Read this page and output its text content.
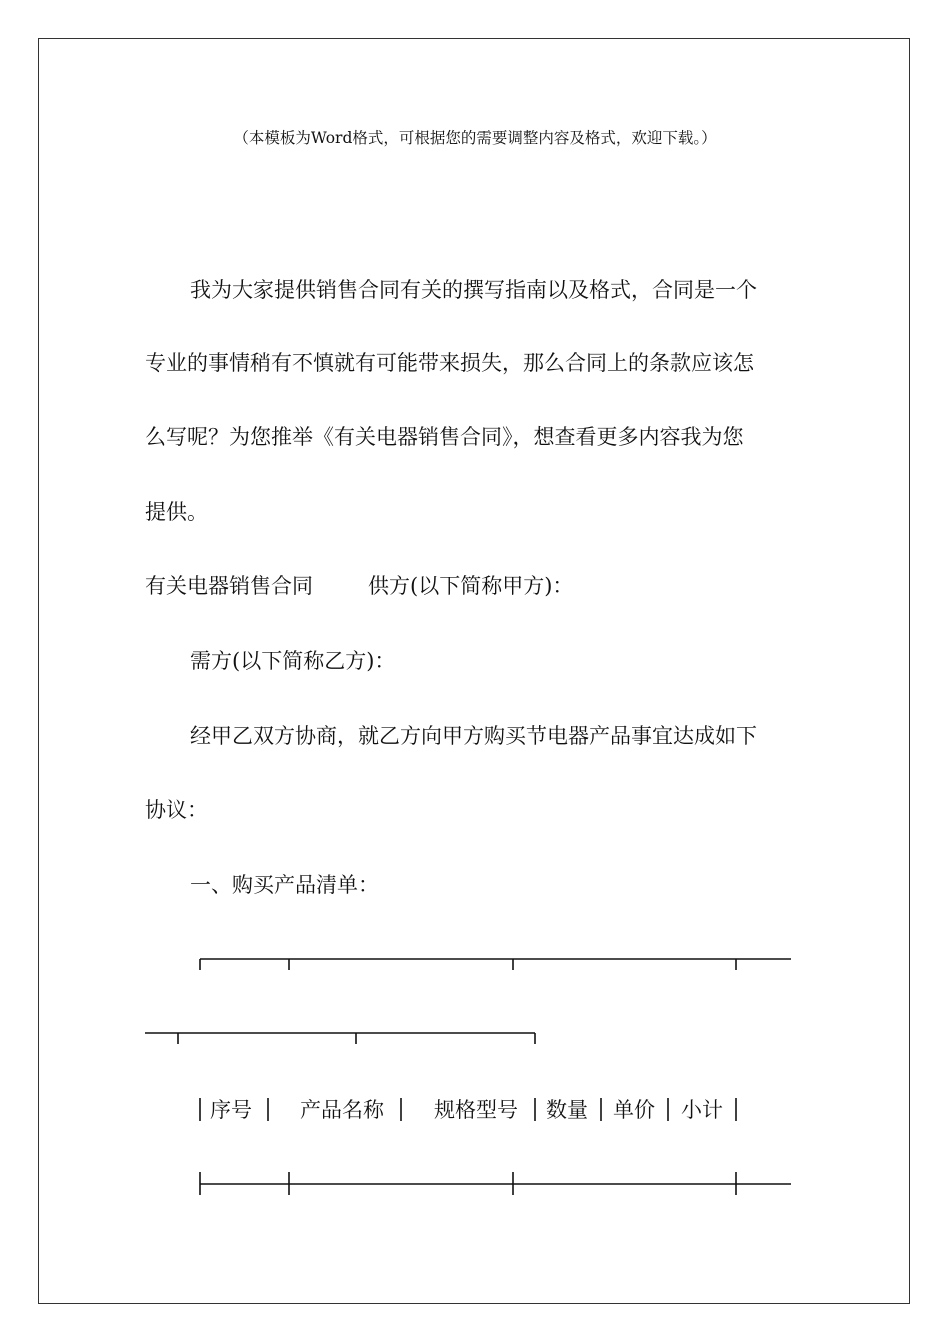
（本模板为Word格式，可根据您的需要调整内容及格式，欢迎下载。）
我为大家提供销售合同有关的撰写指南以及格式，合同是一个
专业的事情稍有不慎就有可能带来损失，那么合同上的条款应该怎
么写呢？为您推举《有关电器销售合同》，想查看更多内容我为您
提供。
有关电器销售合同	供方(以下简称甲方)：
需方(以下简称乙方)：
经甲乙双方协商，就乙方向甲方购买节电器产品事宜达成如下
协议：
一、购买产品清单：
序号 产品名称 规格型号 数量 单价 小计
